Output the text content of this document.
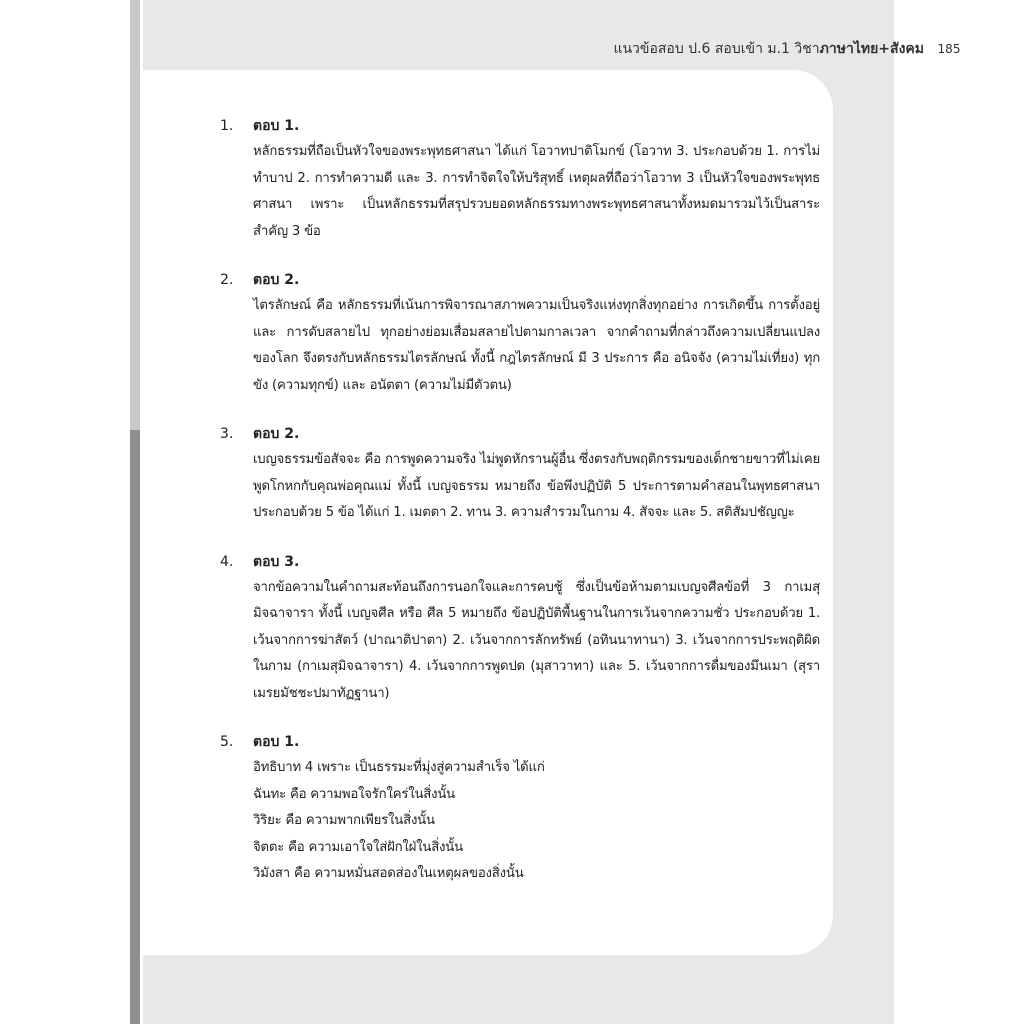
แนวข้อสอบ ป.6 สอบเข้า ม.1 วิชาภาษาไทย+สังคม 185
1. ตอบ 1.
หลักธรรมที่ถือเป็นหัวใจของพระพุทธศาสนา ได้แก่ โอวาทปาติโมกข์ (โอวาท 3. ประกอบด้วย 1. การไม่ทำบาป 2. การทำความดี และ 3. การทำจิตใจให้บริสุทธิ์ เหตุผลที่ถือว่าโอวาท 3 เป็นหัวใจของพระพุทธศาสนา เพราะ เป็นหลักธรรมที่สรุปรวบยอดหลักธรรมทางพระพุทธศาสนาทั้งหมดมารวมไว้เป็นสาระสำคัญ 3 ข้อ
2. ตอบ 2.
ไตรลักษณ์ คือ หลักธรรมที่เน้นการพิจารณาสภาพความเป็นจริงแห่งทุกสิ่งทุกอย่าง การเกิดขึ้น การตั้งอยู่ และ การดับสลายไป ทุกอย่างย่อมเสื่อมสลายไปตามกาลเวลา จากคำถามที่กล่าวถึงความเปลี่ยนแปลงของโลก จึงตรงกับหลักธรรมไตรลักษณ์ ทั้งนี้ กฎไตรลักษณ์ มี 3 ประการ คือ อนิจจัง (ความไม่เที่ยง) ทุกขัง (ความทุกข์) และ อนัตตา (ความไม่มีตัวตน)
3. ตอบ 2.
เบญจธรรมข้อสัจจะ คือ การพูดความจริง ไม่พูดหักรานผู้อื่น ซึ่งตรงกับพฤติกรรมของเด็กชายขาวที่ไม่เคยพูดโกหกกับคุณพ่อคุณแม่ ทั้งนี้ เบญจธรรม หมายถึง ข้อพึงปฏิบัติ 5 ประการตามคำสอนในพุทธศาสนา ประกอบด้วย 5 ข้อ ได้แก่ 1. เมตตา 2. ทาน 3. ความสำรวมในกาม 4. สัจจะ และ 5. สติสัมปชัญญะ
4. ตอบ 3.
จากข้อความในคำถามสะท้อนถึงการนอกใจและการคบชู้ ซึ่งเป็นข้อห้ามตามเบญจศีลข้อที่ 3 กาเมสุมิจฉาจารา ทั้งนี้ เบญจศีล หรือ ศีล 5 หมายถึง ข้อปฏิบัติพื้นฐานในการเว้นจากความชั่ว ประกอบด้วย 1. เว้นจากการฆ่าสัตว์ (ปาณาติปาตา) 2. เว้นจากการลักทรัพย์ (อทินนาทานา) 3. เว้นจากการประพฤติผิดในกาม (กาเมสุมิจฉาจารา) 4. เว้นจากการพูดปด (มุสาวาทา) และ 5. เว้นจากการดื่มของมึนเมา (สุราเมรยมัชชะปมาทัฏฐานา)
5. ตอบ 1.
อิทธิบาท 4 เพราะ เป็นธรรมะที่มุ่งสู่ความสำเร็จ ได้แก่
ฉันทะ คือ ความพอใจรักใคร่ในสิ่งนั้น
วิริยะ คือ ความพากเพียรในสิ่งนั้น
จิตตะ คือ ความเอาใจใส่ฝักใฝ่ในสิ่งนั้น
วิมังสา คือ ความหมั่นสอดส่องในเหตุผลของสิ่งนั้น
